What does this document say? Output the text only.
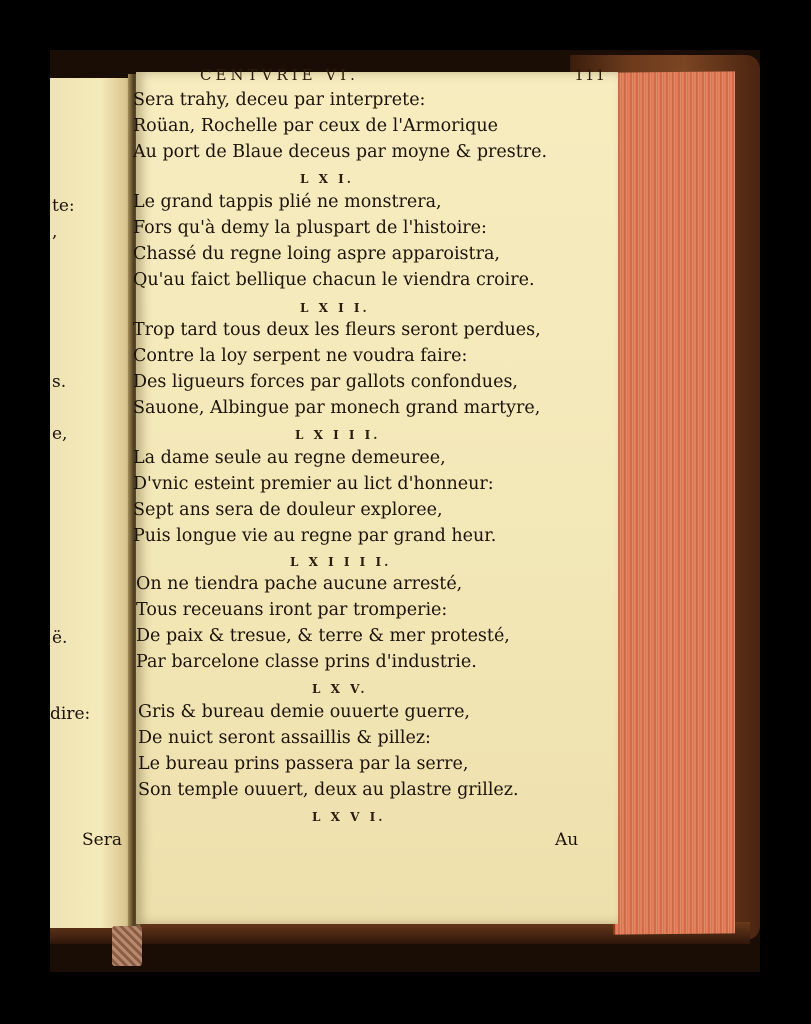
te:
,
s.
e,
ë.
dire:
Sera
CENTVRIE VI.	111
Sera trahy, deceu par interprete:
Roüan, Rochelle par ceux de l'Armorique
Au port de Blaue deceus par moyne & prestre.
L X I.
Le grand tappis plié ne monstrera,
Fors qu'à demy la pluspart de l'histoire:
Chassé du regne loing aspre apparoistra,
Qu'au faict bellique chacun le viendra croire.
L X I I.
Trop tard tous deux les fleurs seront perdues,
Contre la loy serpent ne voudra faire:
Des ligueurs forces par gallots confondues,
Sauone, Albingue par monech grand martyre,
L X I I I.
La dame seule au regne demeuree,
D'vnic esteint premier au lict d'honneur:
Sept ans sera de douleur exploree,
Puis longue vie au regne par grand heur.
L X I I I I.
On ne tiendra pache aucune arresté,
Tous receuans iront par tromperie:
De paix & tresue, & terre & mer protesté,
Par barcelone classe prins d'industrie.
L X V.
Gris & bureau demie ouuerte guerre,
De nuict seront assaillis & pillez:
Le bureau prins passera par la serre,
Son temple ouuert, deux au plastre grillez.
L X V I.
Au
